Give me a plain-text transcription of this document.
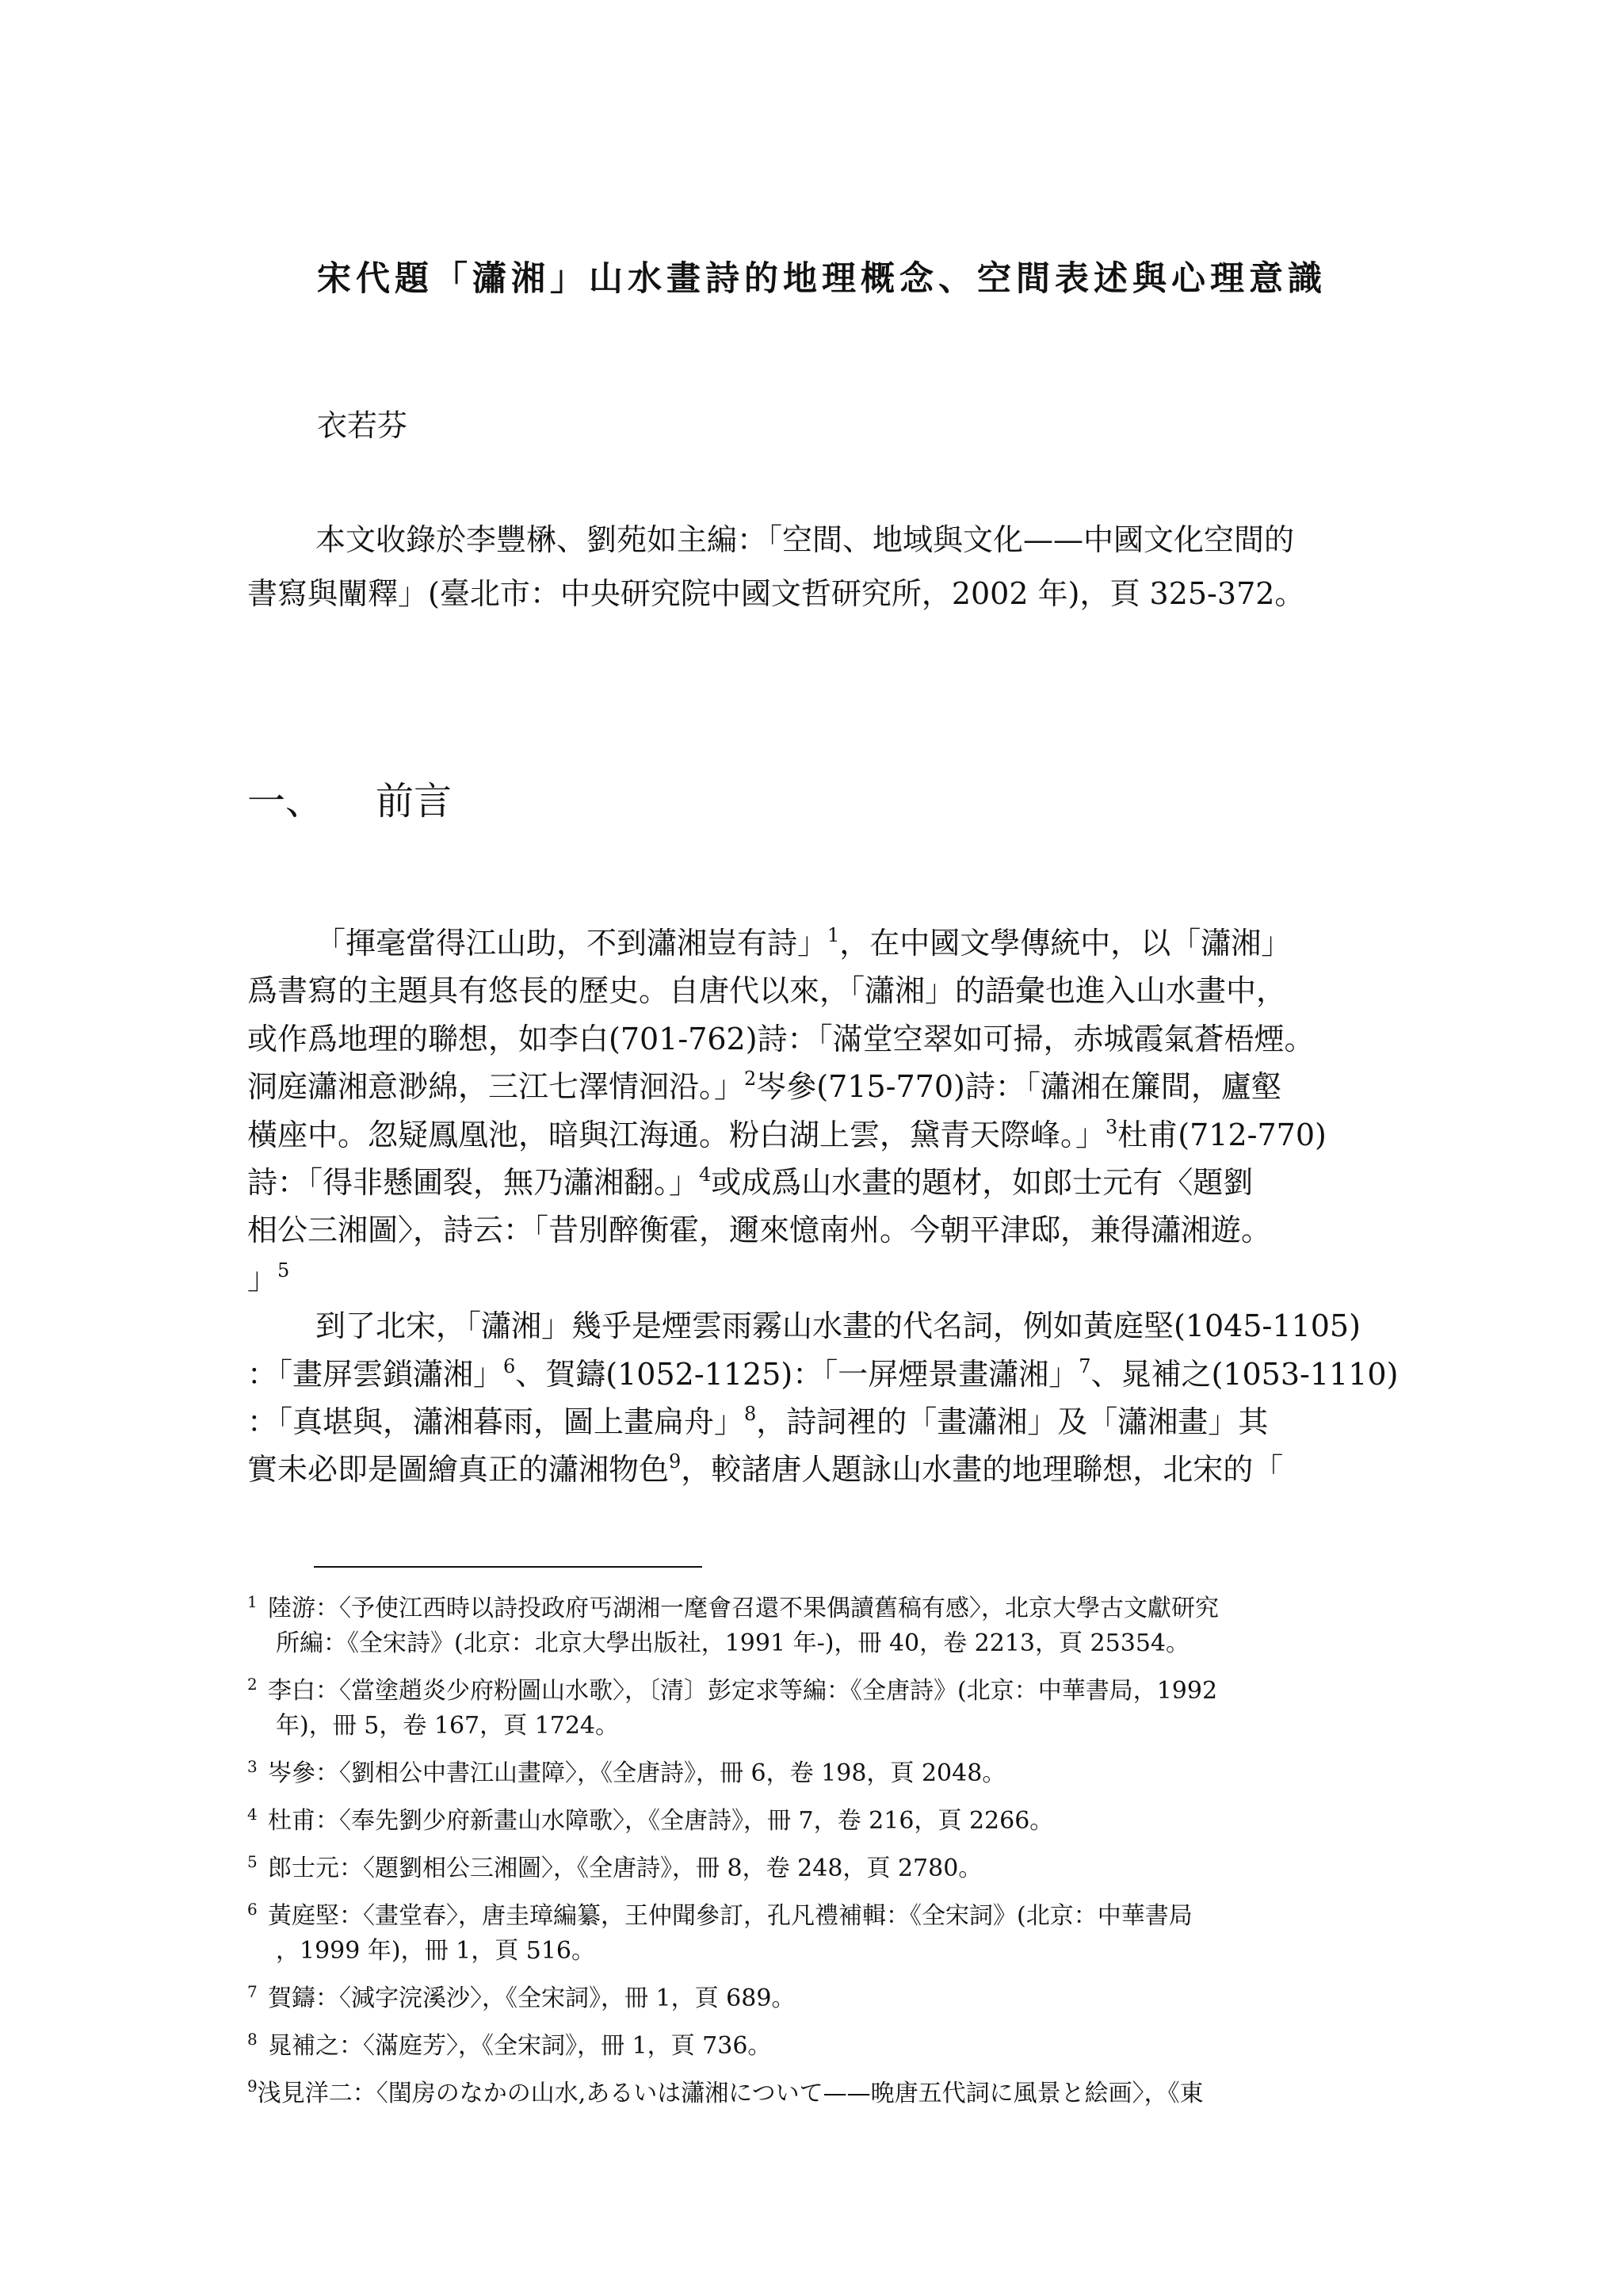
宋代題「瀟湘」山水畫詩的地理概念、空間表述與心理意識
衣若芬
本文收錄於李豐楙、劉苑如主編：「空間、地域與文化——中國文化空間的
書寫與闡釋」(臺北市：中央研究院中國文哲研究所，2002 年)，頁 325-372。
一、 前言
「揮毫當得江山助，不到瀟湘豈有詩」$^1$，在中國文學傳統中，以「瀟湘」
爲書寫的主題具有悠長的歷史。自唐代以來，「瀟湘」的語彙也進入山水畫中，
或作爲地理的聯想，如李白(701-762)詩：「滿堂空翠如可掃，赤城霞氣蒼梧煙。
洞庭瀟湘意渺綿，三江七澤情洄沿。」$^2$岑參(715-770)詩：「瀟湘在簾間，廬壑
橫座中。忽疑鳳凰池，暗與江海通。粉白湖上雲，黛青天際峰。」$^3$杜甫(712-770)
詩：「得非懸圃裂，無乃瀟湘翻。」$^4$或成爲山水畫的題材，如郎士元有〈題劉
相公三湘圖〉，詩云：「昔別醉衡霍，邇來憶南州。今朝平津邸，兼得瀟湘遊。
」$^5$
到了北宋，「瀟湘」幾乎是煙雲雨霧山水畫的代名詞，例如黃庭堅(1045-1105)
：「畫屏雲鎖瀟湘」$^6$、賀鑄(1052-1125)：「一屏煙景畫瀟湘」$^7$、晁補之(1053-1110)
：「真堪與，瀟湘暮雨，圖上畫扁舟」$^8$，詩詞裡的「畫瀟湘」及「瀟湘畫」其
實未必即是圖繪真正的瀟湘物色$^9$，較諸唐人題詠山水畫的地理聯想，北宋的「
1 陸游：〈予使江西時以詩投政府丐湖湘一麾會召還不果偶讀舊稿有感〉，北京大學古文獻研究
所編：《全宋詩》(北京：北京大學出版社，1991 年-)，冊 40，卷 2213，頁 25354。
2 李白：〈當塗趙炎少府粉圖山水歌〉，〔清〕彭定求等編：《全唐詩》(北京：中華書局，1992
年)，冊 5，卷 167，頁 1724。
3 岑參：〈劉相公中書江山畫障〉，《全唐詩》，冊 6，卷 198，頁 2048。
4 杜甫：〈奉先劉少府新畫山水障歌〉，《全唐詩》，冊 7，卷 216，頁 2266。
5 郎士元：〈題劉相公三湘圖〉，《全唐詩》，冊 8，卷 248，頁 2780。
6 黃庭堅：〈畫堂春〉，唐圭璋編纂，王仲聞參訂，孔凡禮補輯：《全宋詞》(北京：中華書局
，1999 年)，冊 1，頁 516。
7 賀鑄：〈減字浣溪沙〉，《全宋詞》，冊 1，頁 689。
8 晁補之：〈滿庭芳〉，《全宋詞》，冊 1，頁 736。
$^9$浅見洋二：〈閨房のなかの山水,あるいは瀟湘について——晩唐五代詞に風景と絵画〉，《東
